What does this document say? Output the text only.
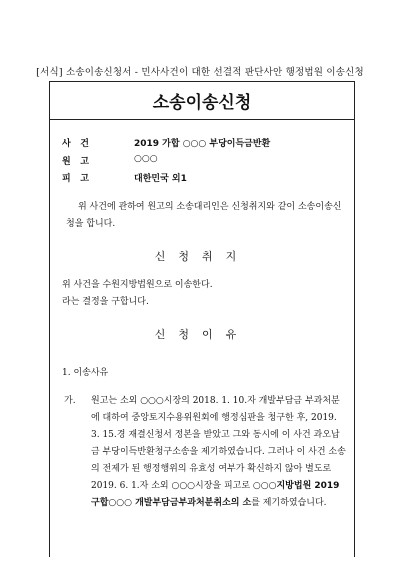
[서식] 소송이송신청서 - 민사사건이 대한 선결적 판단사안 행정법원 이송신청
소송이송신청
사 건	2019 가합 ○○○ 부당이득금반환
원 고	○○○
피 고	대한민국 외1
위 사건에 관하여 원고의 소송대리인은 신청취지와 같이 소송이송신청을 합니다.
신청취지
위 사건을 수원지방법원으로 이송한다.
라는 결정을 구합니다.
신청이유
1. 이송사유
가. 원고는 소외 ○○○시장의 2018. 1. 10.자 개발부담금 부과처분에 대하여 중앙토지수용위원회에 행정심판을 청구한 후, 2019. 3. 15.경 재결신청서 정본을 받았고 그와 동시에 이 사건 과오납금 부당이득반환청구소송을 제기하였습니다. 그러나 이 사건 소송의 전제가 된 행정행위의 유효성 여부가 확신하지 않아 별도로 2019. 6. 1.자 소외 ○○○시장을 피고로 ○○○지방법원 2019구합○○○ 개발부담금부과처분취소의 소를 제기하였습니다.
